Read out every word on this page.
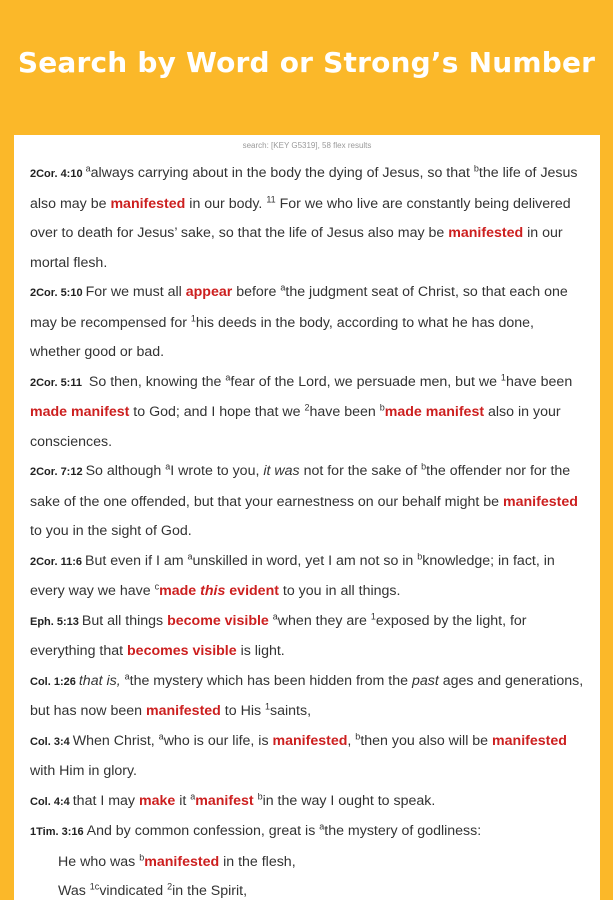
Search by Word or Strong’s Number
search: [KEY G5319], 58 flex results
2Cor. 4:10 $^a$always carrying about in the body the dying of Jesus, so that $^b$the life of Jesus also may be manifested in our body. $^{11}$ For we who live are constantly being delivered over to death for Jesus’ sake, so that the life of Jesus also may be manifested in our mortal flesh.
2Cor. 5:10 For we must all appear before $^a$the judgment seat of Christ, so that each one may be recompensed for $^1$his deeds in the body, according to what he has done, whether good or bad.
2Cor. 5:11 So then, knowing the $^a$fear of the Lord, we persuade men, but we $^1$have been made manifest to God; and I hope that we $^2$have been $^b$made manifest also in your consciences.
2Cor. 7:12 So although $^a$I wrote to you, it was not for the sake of $^b$the offender nor for the sake of the one offended, but that your earnestness on our behalf might be manifested to you in the sight of God.
2Cor. 11:6 But even if I am $^a$unskilled in word, yet I am not so in $^b$knowledge; in fact, in every way we have $^c$made this evident to you in all things.
Eph. 5:13 But all things become visible $^a$when they are $^1$exposed by the light, for everything that becomes visible is light.
Col. 1:26 that is, $^a$the mystery which has been hidden from the past ages and generations, but has now been manifested to His $^1$saints,
Col. 3:4 When Christ, $^a$who is our life, is manifested, $^b$then you also will be manifested with Him in glory.
Col. 4:4 that I may make it $^a$manifest $^b$in the way I ought to speak.
1Tim. 3:16 And by common confession, great is $^a$the mystery of godliness:
He who was $^b$manifested in the flesh,
Was $^{1c}$vindicated $^2$in the Spirit,
